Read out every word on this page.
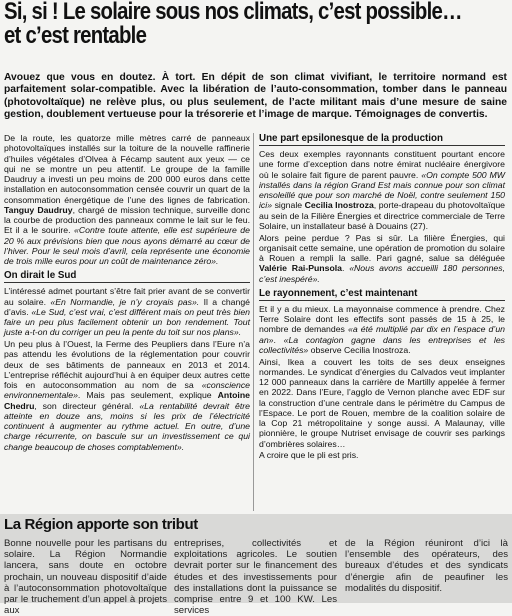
Si, si ! Le solaire sous nos climats, c’est possible…
et c’est rentable
Avouez que vous en doutez. À tort. En dépit de son climat vivifiant, le territoire normand est parfaitement solar-compatible. Avec la libération de l’auto-consommation, tomber dans le panneau (photovoltaïque) ne relève plus, ou plus seulement, de l’acte militant mais d’une mesure de saine gestion, doublement vertueuse pour la trésorerie et l’image de marque. Témoignages de convertis.

De la route, les quatorze mille mètres carré de panneaux photovoltaïques installés sur la toiture de la nouvelle raffinerie d’huiles végétales d’Olvea à Fécamp sautent aux yeux — ce qui ne se montre un peu attentif. Le groupe de la famille Daudruy a investi un peu moins de 200 000 euros dans cette installation en autoconsommation censée couvrir un quart de la consommation énergétique de l’une des lignes de fabrication. Tanguy Daudruy, chargé de mission technique, surveille donc la courbe de production des panneaux comme le lait sur le feu. Et il a le sourire. «Contre toute attente, elle est supérieure de 20 % aux prévisions bien que nous ayons démarré au cœur de l’hiver. Pour le seul mois d’avril, cela représente une économie de trois mille euros pour un coût de maintenance zéro».

On dirait le Sud

L’intéressé admet pourtant s’être fait prier avant de se convertir au solaire. «En Normandie, je n’y croyais pas». Il a changé d’avis. «Le Sud, c’est vrai, c’est différent mais on peut très bien faire un peu plus facilement obtenir un bon rendement. Tout juste a-t-on du corriger un peu la pente du toit sur nos plans».

Un peu plus à l’Ouest, la Ferme des Peupliers dans l’Eure n’a pas attendu les évolutions de la réglementation pour couvrir deux de ses bâtiments de panneaux en 2013 et 2014. L’entreprise réfléchit aujourd’hui à en équiper deux autres cette fois en autoconsommation au nom de sa «conscience environnementale». Mais pas seulement, explique Antoine Chedru, son directeur général. «La rentabilité devrait être atteinte en douze ans, moins si les prix de l’électricité continuent à augmenter au rythme actuel. En outre, d’une charge récurrente, on bascule sur un investissement ce qui change beaucoup de choses comptablement».

Une part epsilonesque de la production

Ces deux exemples rayonnants constituent pourtant encore une forme d’exception dans notre émirat nucléaire énergivore où le solaire fait figure de parent pauvre. «On compte 500 MW installés dans la région Grand Est mais connue pour son climat ensoleillé que pour son marché de Noël, contre seulement 150 ici» signale Cecilia Inostroza, porte-drapeau du photovoltaïque au sein de la Filière Énergies et directrice commerciale de Terre Solaire, un installateur basé à Douains (27).

Alors peine perdue ? Pas si sûr. La filière Énergies, qui organisait cette semaine, une opération de promotion du solaire à Rouen a rempli la salle. Pari gagné, salue sa déléguée Valérie Rai-Punsola. «Nous avons accueilli 180 personnes, c’est inespéré».

Le rayonnement, c’est maintenant

Et il y a du mieux. La mayonnaise commence à prendre. Chez Terre Solaire dont les effectifs sont passés de 15 à 25, le nombre de demandes «a été multiplié par dix en l’espace d’un an». «La contagion gagne dans les entreprises et les collectivités» observe Cecilia Inostroza.

Ainsi, Ikea a couvert les toits de ses deux enseignes normandes. Le syndicat d’énergies du Calvados veut implanter 12 000 panneaux dans la carrière de Martilly appelée à fermer en 2022. Dans l’Eure, l’agglo de Vernon planche avec EDF sur la construction d’une centrale dans le périmètre du Campus de l’Espace. Le port de Rouen, membre de la coalition solaire de la Cop 21 métropolitaine y songe aussi. A Malaunay, ville pionnière, le groupe Nutriset envisage de couvrir ses parkings d’ombrières solaires…

A croire que le pli est pris.

La Région apporte son tribut
Bonne nouvelle pour les partisans du solaire. La Région Normandie lancera, sans doute en octobre prochain, un nouveau dispositif d’aide à l’autoconsommation photovoltaïque par le truchement d’un appel à projets aux
entreprises, collectivités et exploitations agricoles. Le soutien devrait porter sur le financement des études et des investissements pour des installations dont la puissance se comprise entre 9 et 100 KW. Les services
de la Région réuniront d’ici là l’ensemble des opérateurs, des bureaux d’études et des syndicats d’énergie afin de peaufiner les modalités du dispositif.
